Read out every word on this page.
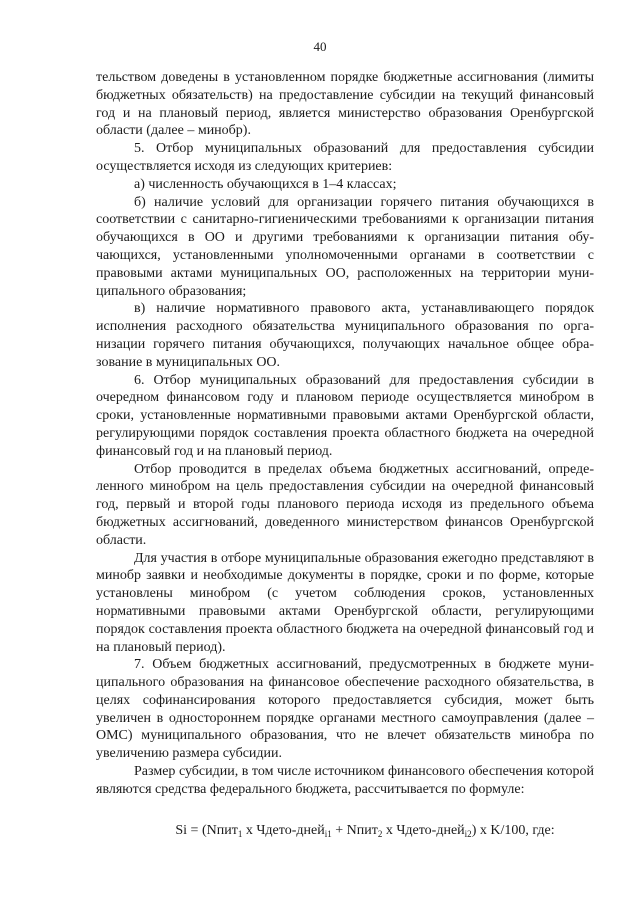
40

тельством доведены в установленном порядке бюджетные ассигнования (лимиты бюджетных обязательств) на предоставление субсидии на текущий финансовый год и на плановый период, является министерство образования Оренбургской области (далее – минобр).

5. Отбор муниципальных образований для предоставления субсидии осуществляется исходя из следующих критериев:

а) численность обучающихся в 1–4 классах;

б) наличие условий для организации горячего питания обучающихся в соответствии с санитарно-гигиеническими требованиями к организации питания обучающихся в ОО и другими требованиями к организации питания обучающихся, установленными уполномоченными органами в соответствии с правовыми актами муниципальных ОО, расположенных на территории муниципального образования;

в) наличие нормативного правового акта, устанавливающего порядок исполнения расходного обязательства муниципального образования по организации горячего питания обучающихся, получающих начальное общее образование в муниципальных ОО.

6. Отбор муниципальных образований для предоставления субсидии в очередном финансовом году и плановом периоде осуществляется минобром в сроки, установленные нормативными правовыми актами Оренбургской области, регулирующими порядок составления проекта областного бюджета на очередной финансовый год и на плановый период.

Отбор проводится в пределах объема бюджетных ассигнований, определенного минобром на цель предоставления субсидии на очередной финансовый год, первый и второй годы планового периода исходя из предельного объема бюджетных ассигнований, доведенного министерством финансов Оренбургской области.

Для участия в отборе муниципальные образования ежегодно представляют в минобр заявки и необходимые документы в порядке, сроки и по форме, которые установлены минобром (с учетом соблюдения сроков, установленных нормативными правовыми актами Оренбургской области, регулирующими порядок составления проекта областного бюджета на очередной финансовый год и на плановый период).

7. Объем бюджетных ассигнований, предусмотренных в бюджете муниципального образования на финансовое обеспечение расходного обязательства, в целях софинансирования которого предоставляется субсидия, может быть увеличен в одностороннем порядке органами местного самоуправления (далее – ОМС) муниципального образования, что не влечет обязательств минобра по увеличению размера субсидии.

Размер субсидии, в том числе источником финансового обеспечения которой являются средства федерального бюджета, рассчитывается по формуле:

Si = (Nпит$_1$ x Чдето-дней$_{i1}$ + Nпит$_2$ x Чдето-дней$_{i2}$) x K/100, где:
